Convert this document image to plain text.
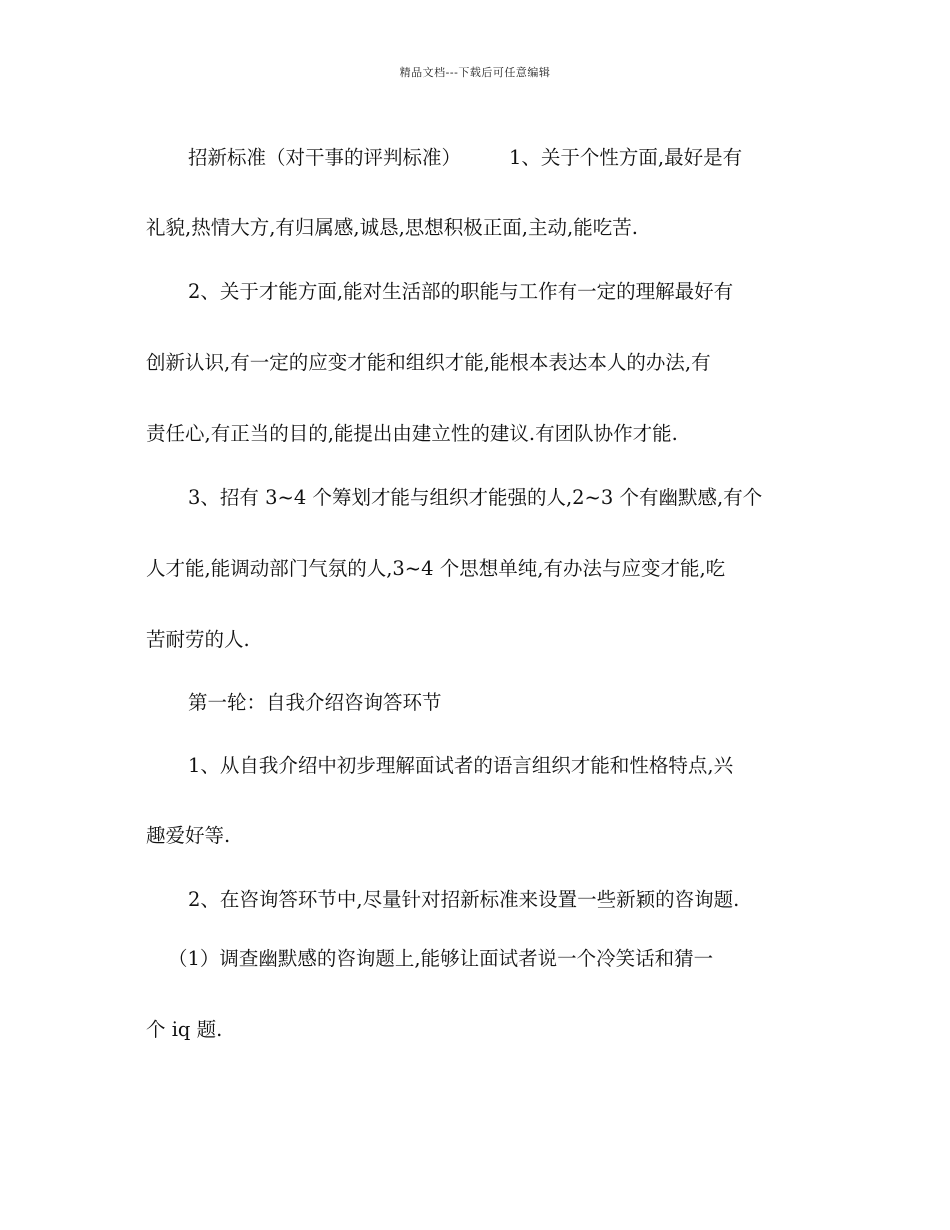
精品文档---下载后可任意编辑
招新标准（对干事的评判标准） 1、关于个性方面,最好是有
礼貌,热情大方,有归属感,诚恳,思想积极正面,主动,能吃苦.
2、关于才能方面,能对生活部的职能与工作有一定的理解最好有
创新认识,有一定的应变才能和组织才能,能根本表达本人的办法,有
责任心,有正当的目的,能提出由建立性的建议.有团队协作才能.
3、招有 3~4 个筹划才能与组织才能强的人,2~3 个有幽默感,有个
人才能,能调动部门气氛的人,3~4 个思想单纯,有办法与应变才能,吃
苦耐劳的人.
第一轮：自我介绍咨询答环节
1、从自我介绍中初步理解面试者的语言组织才能和性格特点,兴
趣爱好等.
2、在咨询答环节中,尽量针对招新标准来设置一些新颖的咨询题.
（1）调查幽默感的咨询题上,能够让面试者说一个冷笑话和猜一
个 iq 题.
